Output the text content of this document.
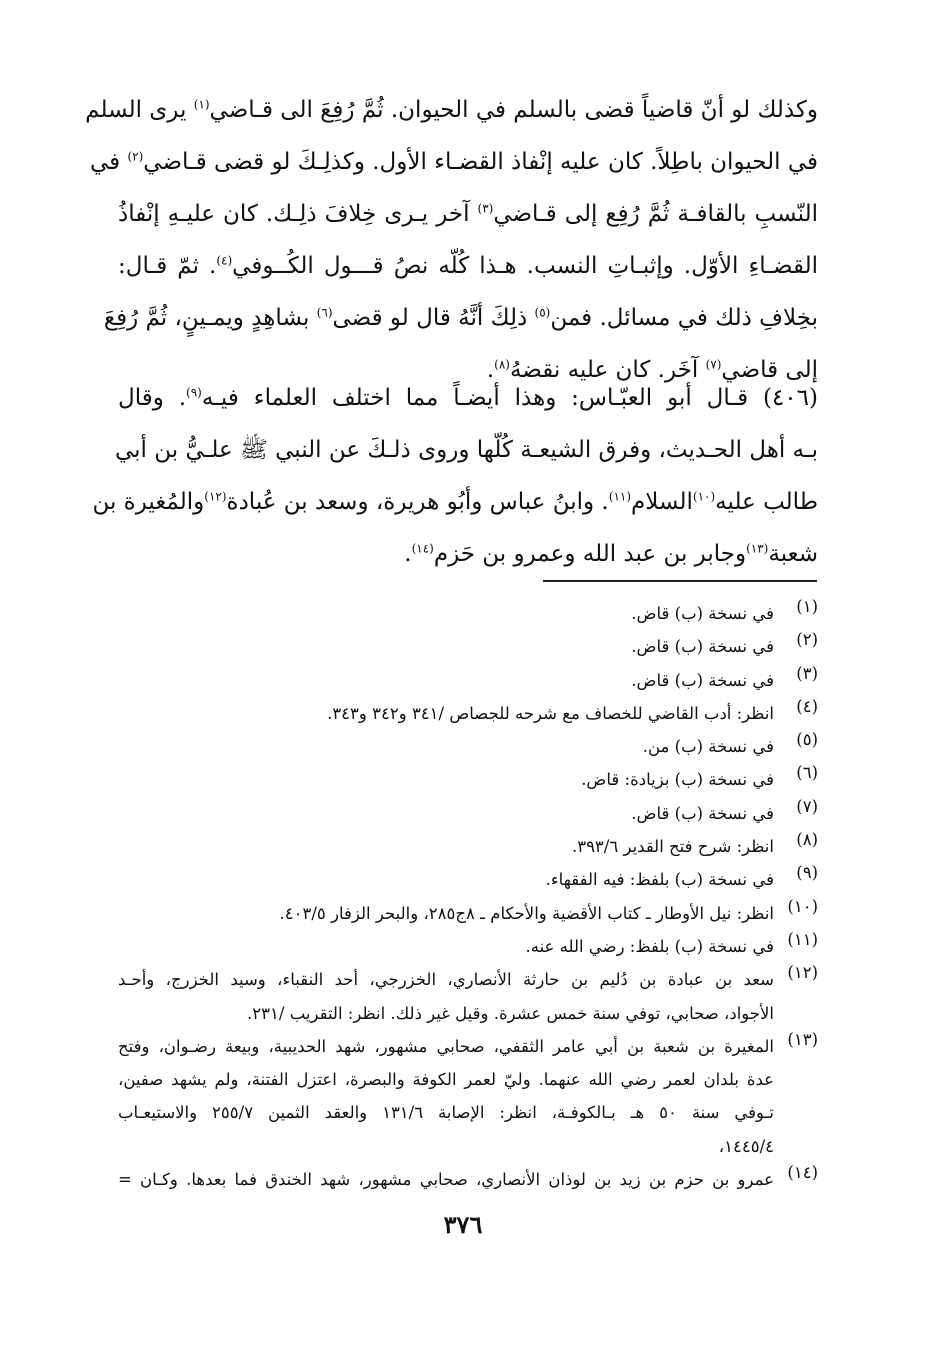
وكذلك لو أنّ قاضياً قضى بالسلم في الحيوان. ثُمَّ رُفِعَ الى قـاضي$^{(١)}$ يرى السلم
في الحيوان باطِلاً. كان عليه إنْفاذ القضـاء الأول. وكذلِـكَ لو قضى قـاضي$^{(٢)}$ في
النّسبِ بالقافـة ثُمَّ رُفِع إلى قـاضي$^{(٣)}$ آخر يـرى خِلافَ ذلِـك. كان عليـهِ إنْفاذُ
القضـاءِ الأوّل. وإثبـاتِ النسب. هـذا كُلّه نصُ قـــول الكُــوفي$^{(٤)}$. ثمّ قـال:
بخِلافِ ذلك في مسائل. فمن$^{(٥)}$ ذلِكَ أنَّهُ قال لو قضى$^{(٦)}$ بشاهِدٍ ويمـينٍ، ثُمَّ رُفِعَ
إلى قاضي$^{(٧)}$ آخَر. كان عليه نقضهُ$^{(٨)}$.
(٤٠٦) قـال أبو العبّـاس: وهذا أيضـاً مما اختلف العلماء فيـه$^{(٩)}$. وقال
بـه أهل الحـديث، وفرق الشيعـة كُلّها وروى ذلـكَ عن النبي ﷺ علـيُّ بن أبي
طالب عليه$^{(١٠)}$السلام$^{(١١)}$. وابنُ عباس وأبُو هريرة، وسعد بن عُبادة$^{(١٢)}$والمُغيرة بن
شعبة$^{(١٣)}$وجابر بن عبد الله وعمرو بن حَزم$^{(١٤)}$.
(١)
في نسخة (ب) قاض.
(٢)
في نسخة (ب) قاض.
(٣)
في نسخة (ب) قاض.
(٤)
انظر: أدب القاضي للخصاف مع شرحه للجصاص /٣٤١ و٣٤٢ و٣٤٣.
(٥)
في نسخة (ب) من.
(٦)
في نسخة (ب) بزيادة: قاض.
(٧)
في نسخة (ب) قاض.
(٨)
انظر: شرح فتح القدير ٣٩٣/٦.
(٩)
في نسخة (ب) بلفظ: فيه الفقهاء.
(١٠)
انظر: نيل الأوطار ـ كتاب الأقضية والأحكام ـ ٨ج٢٨٥، والبحر الزفار ٤٠٣/٥.
(١١)
في نسخة (ب) بلفظ: رضي الله عنه.
(١٢)
سعد بن عبادة بن دُليم بن حارثة الأنصاري، الخزرجي، أحد النقباء، وسيد الخزرج، وأحـد
الأجواد، صحابي، توفي سنة خمس عشرة. وقيل غير ذلك. انظر: التقريب /٢٣١.
(١٣)
المغيرة بن شعبة بن أبي عامر الثقفي، صحابي مشهور، شهد الحديبية، وبيعة رضـوان، وفتح
عدة بلدان لعمر رضي الله عنهما. وليّ لعمر الكوفة والبصرة، اعتزل الفتنة، ولم يشهد صفين،
تـوفي سنة ٥٠ هـ بـالكوفـة، انظر: الإصابة ١٣١/٦ والعقد الثمين ٢٥٥/٧ والاستيعـاب
١٤٤٥/٤،
(١٤)
عمرو بن حزم بن زيد بن لوذان الأنصاري، صحابي مشهور، شهد الخندق فما بعدها. وكـان =
٣٧٦
